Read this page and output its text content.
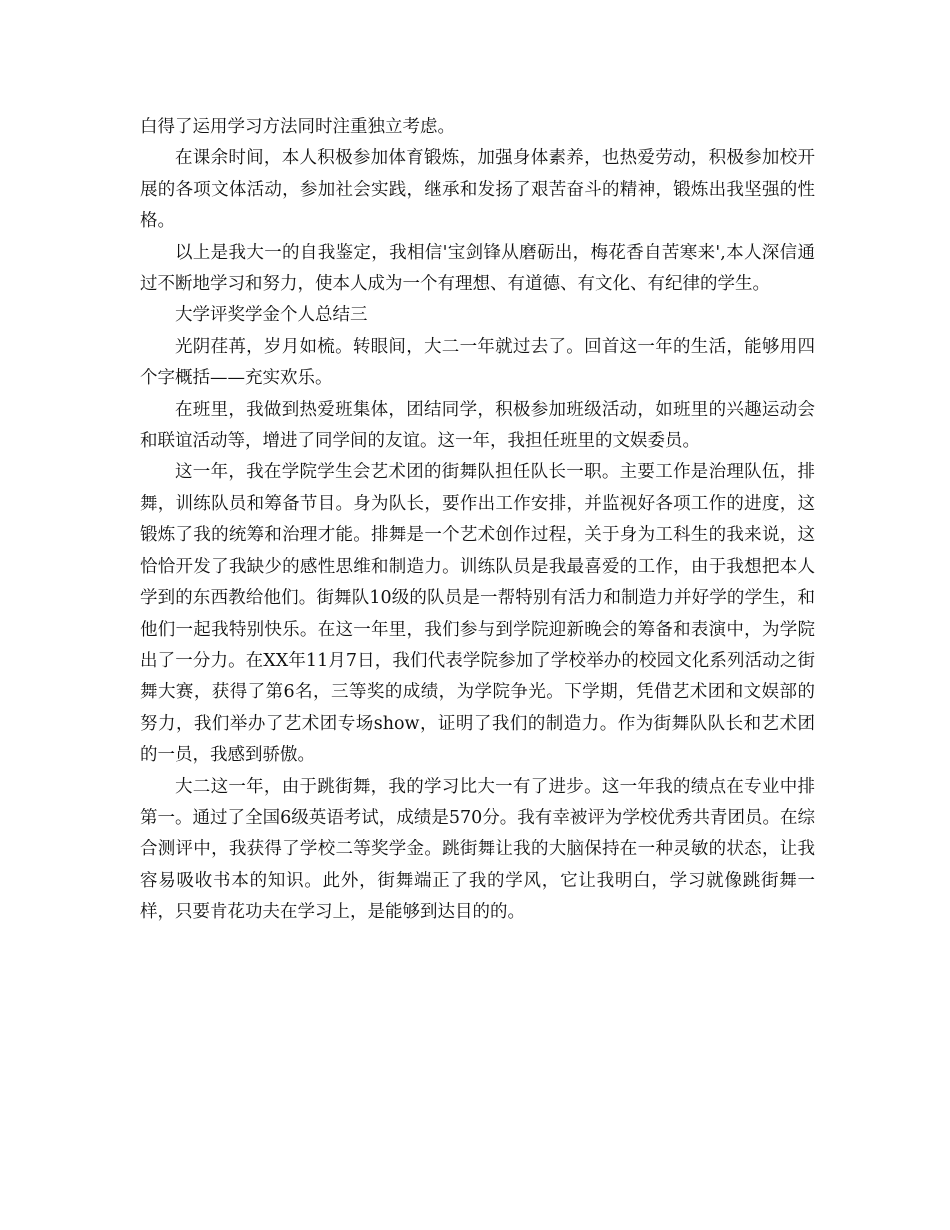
白得了运用学习方法同时注重独立考虑。

在课余时间，本人积极参加体育锻炼，加强身体素养，也热爱劳动，积极参加校开展的各项文体活动，参加社会实践，继承和发扬了艰苦奋斗的精神，锻炼出我坚强的性格。

以上是我大一的自我鉴定，我相信'宝剑锋从磨砺出，梅花香自苦寒来',本人深信通过不断地学习和努力，使本人成为一个有理想、有道德、有文化、有纪律的学生。

大学评奖学金个人总结三

光阴荏苒，岁月如梳。转眼间，大二一年就过去了。回首这一年的生活，能够用四个字概括——充实欢乐。

在班里，我做到热爱班集体，团结同学，积极参加班级活动，如班里的兴趣运动会和联谊活动等，增进了同学间的友谊。这一年，我担任班里的文娱委员。

这一年，我在学院学生会艺术团的街舞队担任队长一职。主要工作是治理队伍，排舞，训练队员和筹备节目。身为队长，要作出工作安排，并监视好各项工作的进度，这锻炼了我的统筹和治理才能。排舞是一个艺术创作过程，关于身为工科生的我来说，这恰恰开发了我缺少的感性思维和制造力。训练队员是我最喜爱的工作，由于我想把本人学到的东西教给他们。街舞队10级的队员是一帮特别有活力和制造力并好学的学生，和他们一起我特别快乐。在这一年里，我们参与到学院迎新晚会的筹备和表演中，为学院出了一分力。在XX年11月7日，我们代表学院参加了学校举办的校园文化系列活动之街舞大赛，获得了第6名，三等奖的成绩，为学院争光。下学期，凭借艺术团和文娱部的努力，我们举办了艺术团专场show，证明了我们的制造力。作为街舞队队长和艺术团的一员，我感到骄傲。

大二这一年，由于跳街舞，我的学习比大一有了进步。这一年我的绩点在专业中排第一。通过了全国6级英语考试，成绩是570分。我有幸被评为学校优秀共青团员。在综合测评中，我获得了学校二等奖学金。跳街舞让我的大脑保持在一种灵敏的状态，让我容易吸收书本的知识。此外，街舞端正了我的学风，它让我明白，学习就像跳街舞一样，只要肯花功夫在学习上，是能够到达目的的。
